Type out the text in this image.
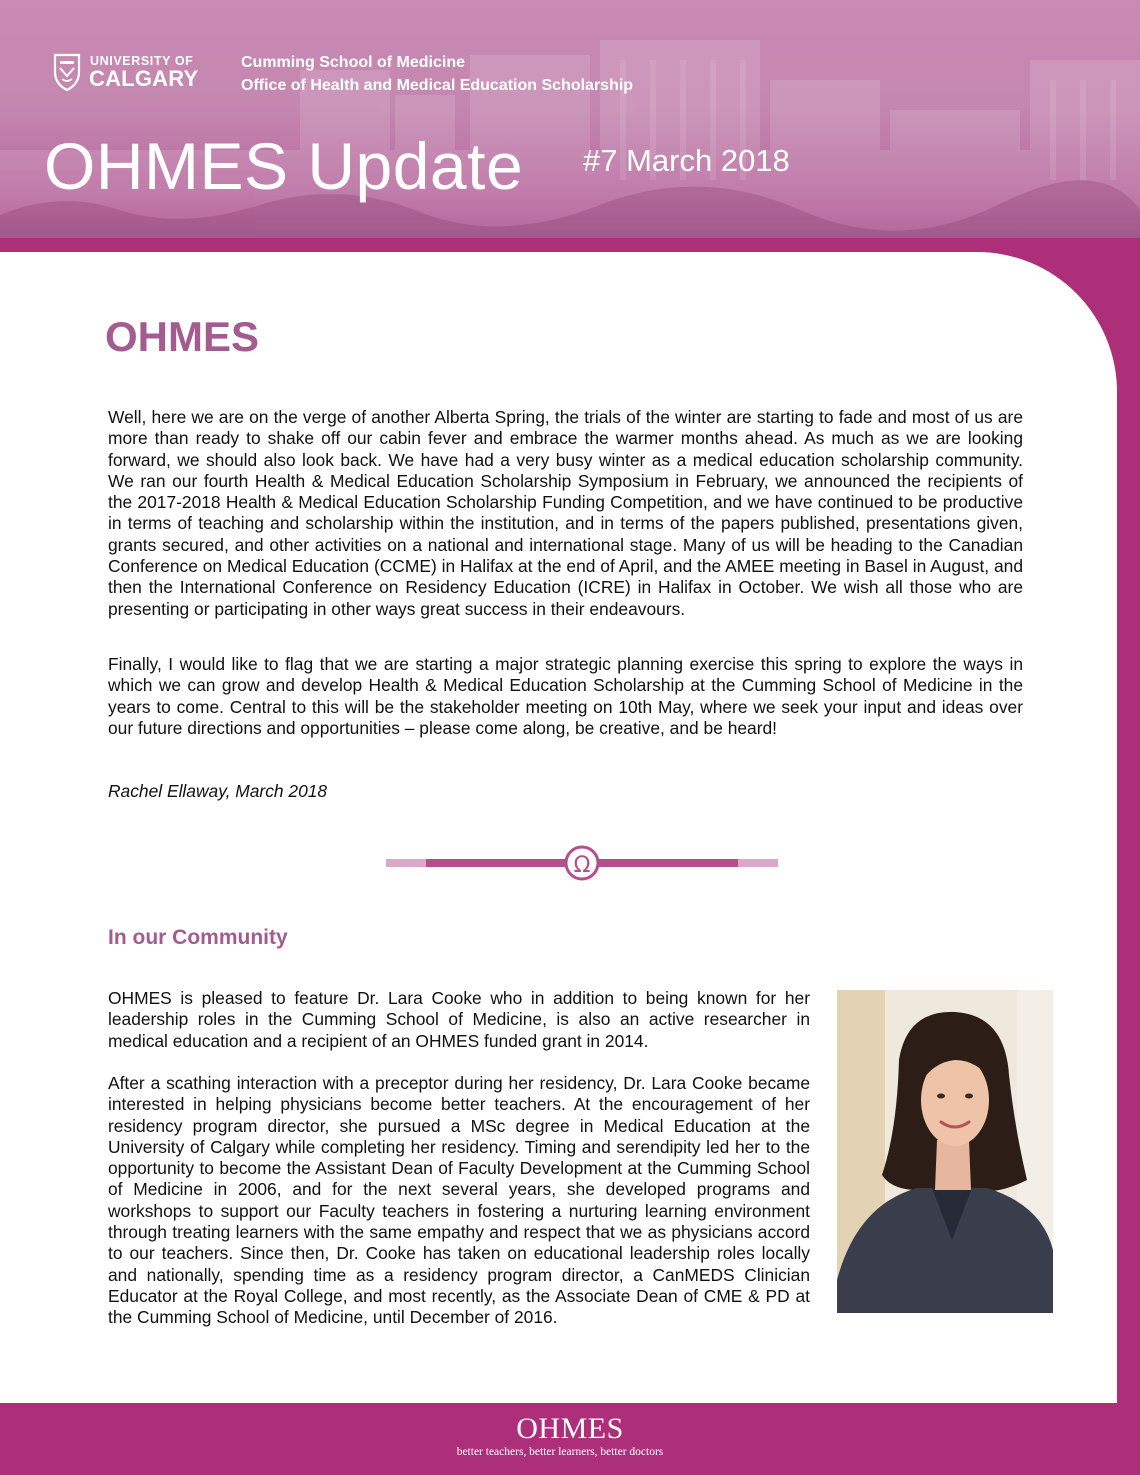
UNIVERSITY OF
CALGARY
Cumming School of Medicine
Office of Health and Medical Education Scholarship
OHMES Update #7 March 2018
OHMES

Well, here we are on the verge of another Alberta Spring, the trials of the winter are starting to fade and most of us are more than ready to shake off our cabin fever and embrace the warmer months ahead. As much as we are looking forward, we should also look back. We have had a very busy winter as a medical education scholarship community. We ran our fourth Health & Medical Education Scholarship Symposium in February, we announced the recipients of the 2017-2018 Health & Medical Education Scholarship Funding Competition, and we have continued to be productive in terms of teaching and scholarship within the institution, and in terms of the papers published, presentations given, grants secured, and other activities on a national and international stage. Many of us will be heading to the Canadian Conference on Medical Education (CCME) in Halifax at the end of April, and the AMEE meeting in Basel in August, and then the International Conference on Residency Education (ICRE) in Halifax in October. We wish all those who are presenting or participating in other ways great success in their endeavours.

Finally, I would like to flag that we are starting a major strategic planning exercise this spring to explore the ways in which we can grow and develop Health & Medical Education Scholarship at the Cumming School of Medicine in the years to come. Central to this will be the stakeholder meeting on 10th May, where we seek your input and ideas over our future directions and opportunities – please come along, be creative, and be heard!

Rachel Ellaway, March 2018

Ω
In our Community

OHMES is pleased to feature Dr. Lara Cooke who in addition to being known for her leadership roles in the Cumming School of Medicine, is also an active researcher in medical education and a recipient of an OHMES funded grant in 2014.

After a scathing interaction with a preceptor during her residency, Dr. Lara Cooke became interested in helping physicians become better teachers. At the encouragement of her residency program director, she pursued a MSc degree in Medical Education at the University of Calgary while completing her residency. Timing and serendipity led her to the opportunity to become the Assistant Dean of Faculty Development at the Cumming School of Medicine in 2006, and for the next several years, she developed programs and workshops to support our Faculty teachers in fostering a nurturing learning environment through treating learners with the same empathy and respect that we as physicians accord to our teachers. Since then, Dr. Cooke has taken on educational leadership roles locally and nationally, spending time as a residency program director, a CanMEDS Clinician Educator at the Royal College, and most recently, as the Associate Dean of CME & PD at the Cumming School of Medicine, until December of 2016.

OHMES
better teachers, better learners, better doctors
